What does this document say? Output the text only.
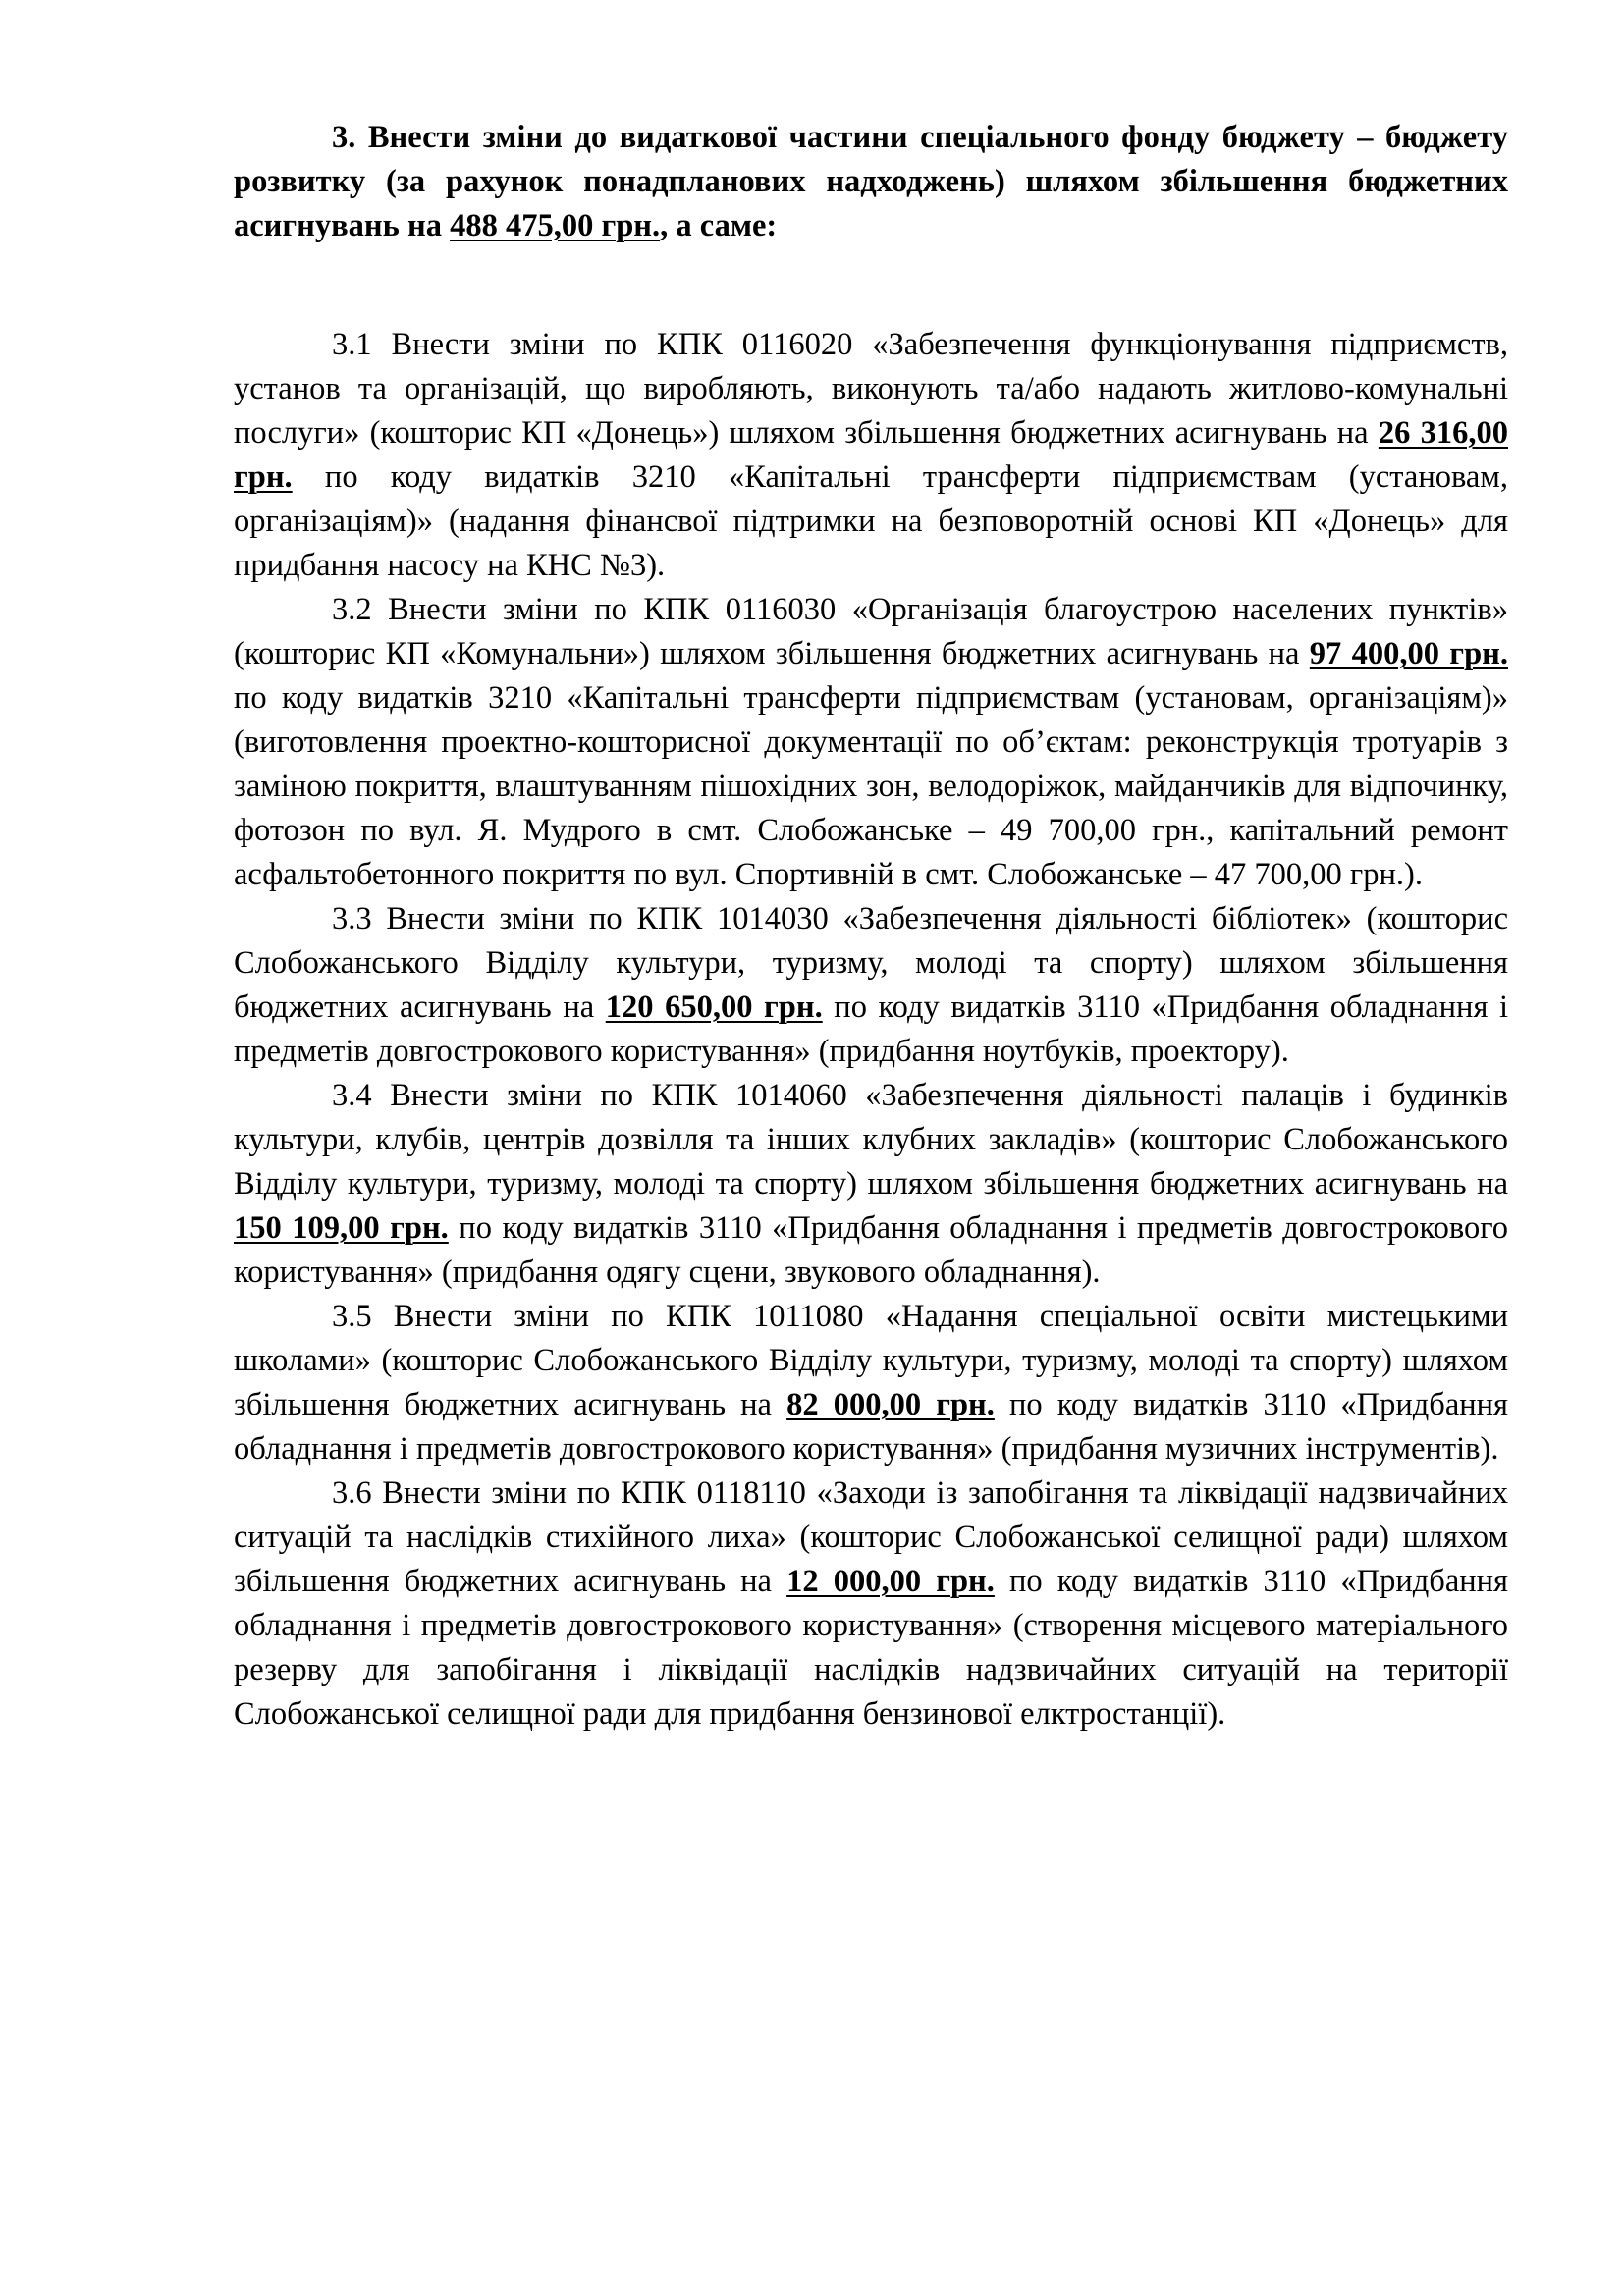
3. Внести зміни до видаткової частини спеціального фонду бюджету – бюджету розвитку (за рахунок понадпланових надходжень) шляхом збільшення бюджетних асигнувань на 488 475,00 грн., а саме:

3.1 Внести зміни по КПК 0116020 «Забезпечення функціонування підприємств, установ та організацій, що виробляють, виконують та/або надають житлово-комунальні послуги» (кошторис КП «Донець») шляхом збільшення бюджетних асигнувань на 26 316,00 грн. по коду видатків 3210 «Капітальні трансферти підприємствам (установам, організаціям)» (надання фінансвої підтримки на безповоротній основі КП «Донець» для придбання насосу на КНС №3).

3.2 Внести зміни по КПК 0116030 «Організація благоустрою населених пунктів» (кошторис КП «Комунальни») шляхом збільшення бюджетних асигнувань на 97 400,00 грн. по коду видатків 3210 «Капітальні трансферти підприємствам (установам, організаціям)» (виготовлення проектно-кошторисної документації по об’єктам: реконструкція тротуарів з заміною покриття, влаштуванням пішохідних зон, велодоріжок, майданчиків для відпочинку, фотозон по вул. Я. Мудрого в смт. Слобожанське – 49 700,00 грн., капітальний ремонт асфальтобетонного покриття по вул. Спортивній в смт. Слобожанське – 47 700,00 грн.).

3.3 Внести зміни по КПК 1014030 «Забезпечення діяльності бібліотек» (кошторис Слобожанського Відділу культури, туризму, молоді та спорту) шляхом збільшення бюджетних асигнувань на 120 650,00 грн. по коду видатків 3110 «Придбання обладнання і предметів довгострокового користування» (придбання ноутбуків, проектору).

3.4 Внести зміни по КПК 1014060 «Забезпечення діяльності палаців і будинків культури, клубів, центрів дозвілля та інших клубних закладів» (кошторис Слобожанського Відділу культури, туризму, молоді та спорту) шляхом збільшення бюджетних асигнувань на 150 109,00 грн. по коду видатків 3110 «Придбання обладнання і предметів довгострокового користування» (придбання одягу сцени, звукового обладнання).

3.5 Внести зміни по КПК 1011080 «Надання спеціальної освіти мистецькими школами» (кошторис Слобожанського Відділу культури, туризму, молоді та спорту) шляхом збільшення бюджетних асигнувань на 82 000,00 грн. по коду видатків 3110 «Придбання обладнання і предметів довгострокового користування» (придбання музичних інструментів).

3.6 Внести зміни по КПК 0118110 «Заходи із запобігання та ліквідації надзвичайних ситуацій та наслідків стихійного лиха» (кошторис Слобожанської селищної ради) шляхом збільшення бюджетних асигнувань на 12 000,00 грн. по коду видатків 3110 «Придбання обладнання і предметів довгострокового користування» (створення місцевого матеріального резерву для запобігання і ліквідації наслідків надзвичайних ситуацій на території Слобожанської селищної ради для придбання бензинової елктростанції).
